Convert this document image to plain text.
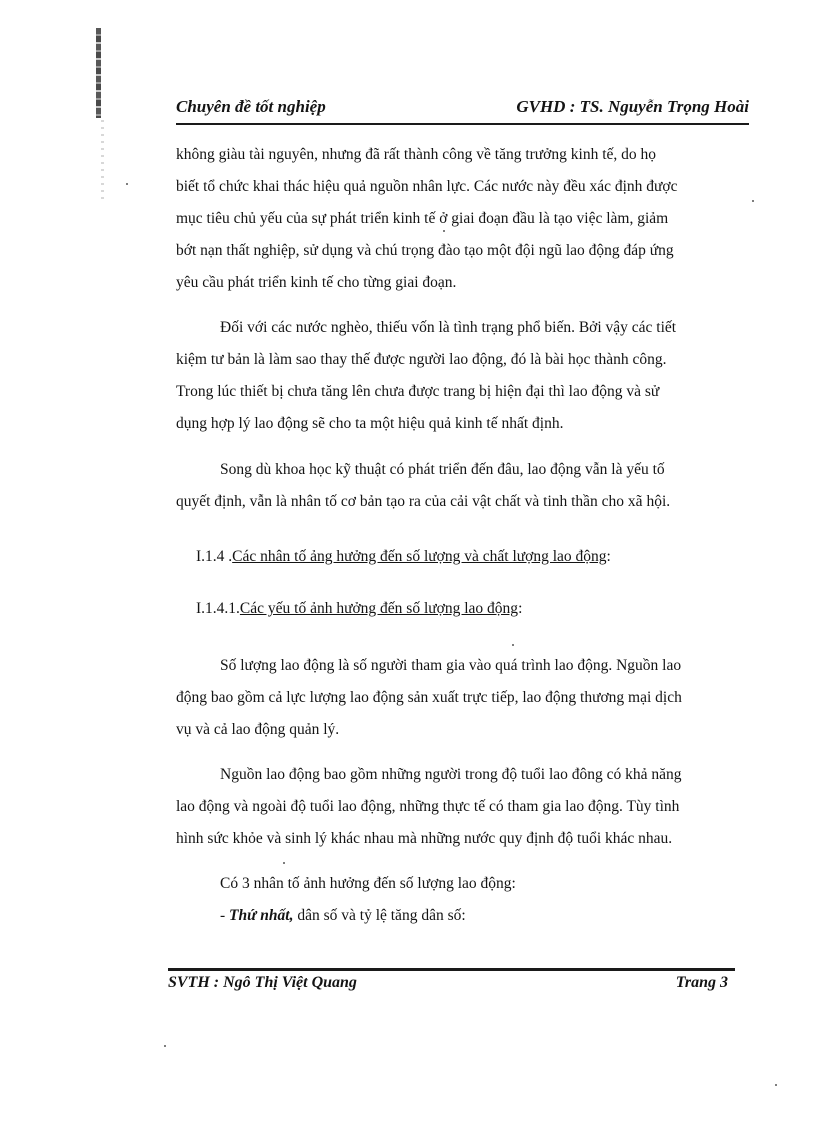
Chuyên đề tốt nghiệp	GVHD : TS. Nguyễn Trọng Hoài
không giàu tài nguyên, nhưng đã rất thành công về tăng trưởng kinh tế, do họ
biết tổ chức khai thác hiệu quả nguồn nhân lực. Các nước này đều xác định được
mục tiêu chủ yếu của sự phát triển kinh tế ở giai đoạn đầu là tạo việc làm, giảm
bớt nạn thất nghiệp, sử dụng và chú trọng đào tạo một đội ngũ lao động đáp ứng
yêu cầu phát triển kinh tế cho từng giai đoạn.
Đối với các nước nghèo, thiếu vốn là tình trạng phổ biến. Bởi vậy các tiết
kiệm tư bản là làm sao thay thế được người lao động, đó là bài học thành công.
Trong lúc thiết bị chưa tăng lên chưa được trang bị hiện đại thì lao động và sử
dụng hợp lý lao động sẽ cho ta một hiệu quả kinh tế nhất định.
Song dù khoa học kỹ thuật có phát triển đến đâu, lao động vẫn là yếu tố
quyết định, vẫn là nhân tố cơ bản tạo ra của cải vật chất và tinh thần cho xã hội.
I.1.4 .Các nhân tố ảng hưởng đến số lượng và chất lượng lao động:
I.1.4.1.Các yếu tố ảnh hưởng đến số lượng lao động:
Số lượng lao động là số người tham gia vào quá trình lao động. Nguồn lao
động bao gồm cả lực lượng lao động sản xuất trực tiếp, lao động thương mại dịch
vụ và cả lao động quản lý.
Nguồn lao động bao gồm những người trong độ tuổi lao đông có khả năng
lao động và ngoài độ tuổi lao động, những thực tế có tham gia lao động. Tùy tình
hình sức khỏe và sinh lý khác nhau mà những nước quy định độ tuổi khác nhau.
Có 3 nhân tố ảnh hưởng đến số lượng lao động:
- Thứ nhất, dân số và tỷ lệ tăng dân số:
SVTH : Ngô Thị Việt Quang	Trang 3
